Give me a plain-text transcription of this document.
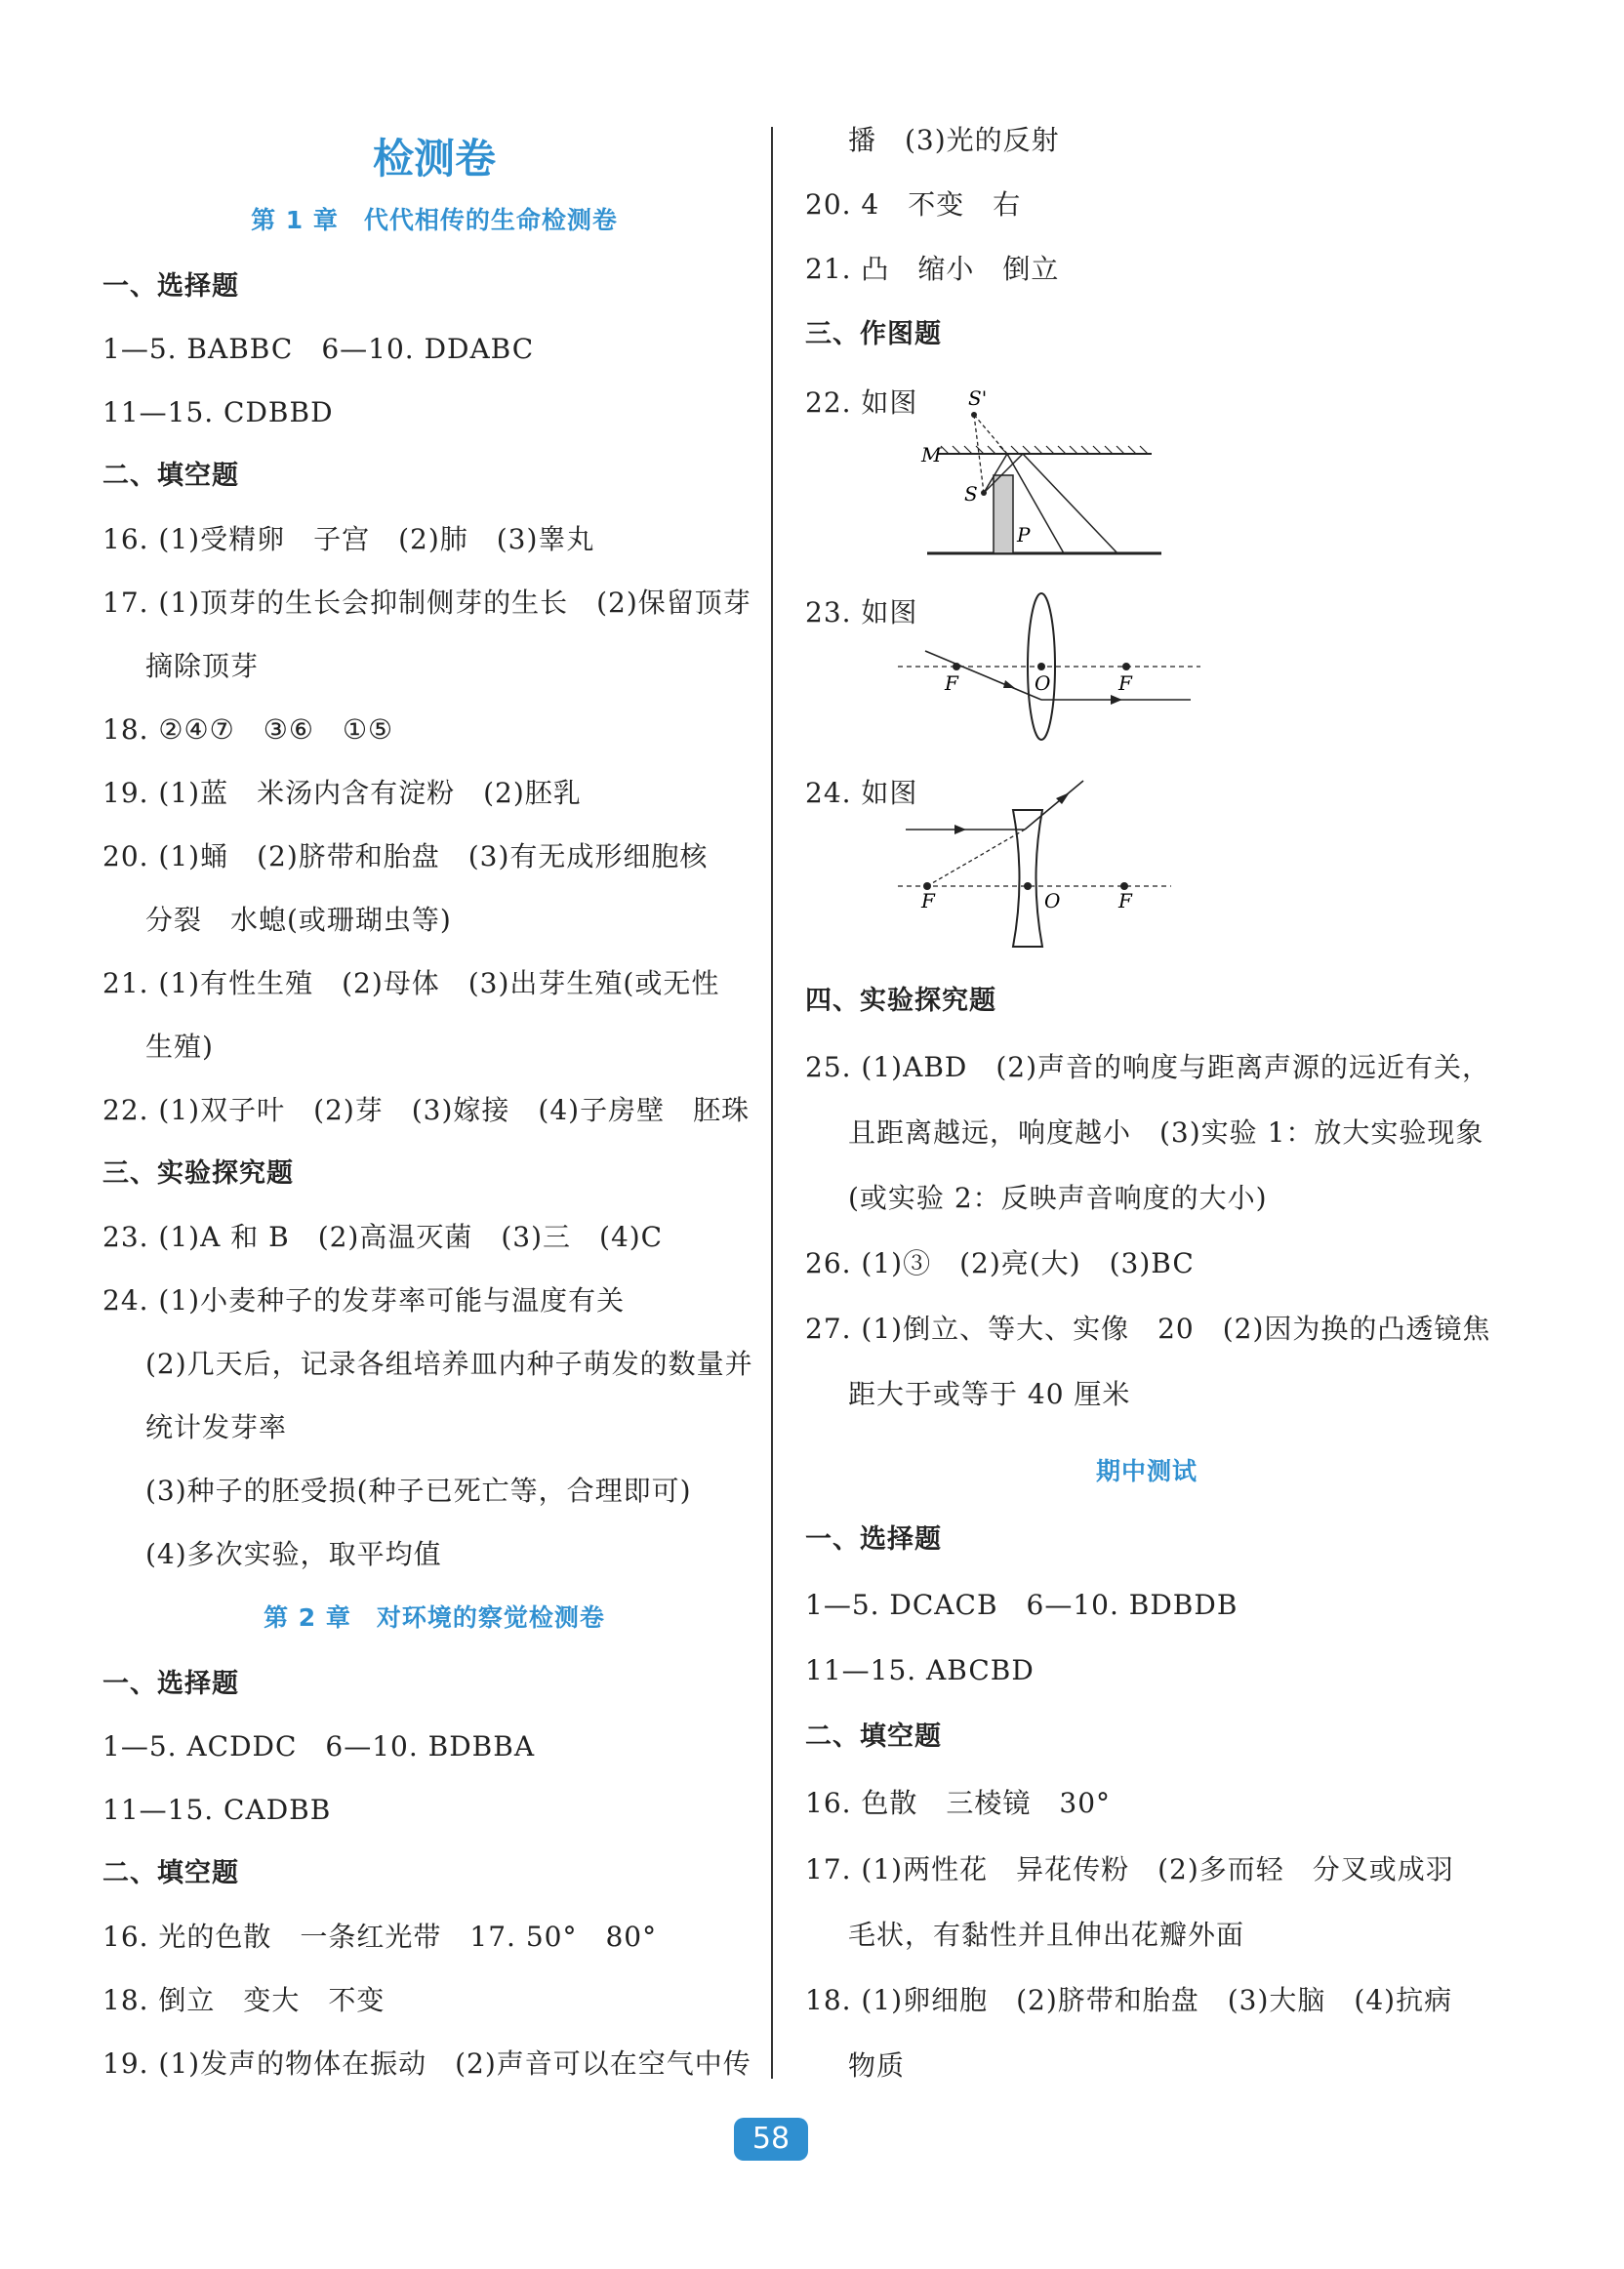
检测卷
第 1 章　代代相传的生命检测卷
一、选择题
1—5. BABBC　6—10. DDABC
11—15. CDBBD
二、填空题
16. (1)受精卵　子宫　(2)肺　(3)睾丸
17. (1)顶芽的生长会抑制侧芽的生长　(2)保留顶芽
摘除顶芽
18. ②④⑦　③⑥　①⑤
19. (1)蓝　米汤内含有淀粉　(2)胚乳
20. (1)蛹　(2)脐带和胎盘　(3)有无成形细胞核
分裂　水螅(或珊瑚虫等)
21. (1)有性生殖　(2)母体　(3)出芽生殖(或无性
生殖)
22. (1)双子叶　(2)芽　(3)嫁接　(4)子房壁　胚珠
三、实验探究题
23. (1)A 和 B　(2)高温灭菌　(3)三　(4)C
24. (1)小麦种子的发芽率可能与温度有关
(2)几天后，记录各组培养皿内种子萌发的数量并
统计发芽率
(3)种子的胚受损(种子已死亡等，合理即可)
(4)多次实验，取平均值
第 2 章　对环境的察觉检测卷
一、选择题
1—5. ACDDC　6—10. BDBBA
11—15. CADBB
二、填空题
16. 光的色散　一条红光带　17. 50°　80°
18. 倒立　变大　不变
19. (1)发声的物体在振动　(2)声音可以在空气中传
播　(3)光的反射
20. 4　不变　右
21. 凸　缩小　倒立
三、作图题
22. 如图	S'
M
S
P
23. 如图
F	O	F
24. 如图
F	O	F
四、实验探究题
25. (1)ABD　(2)声音的响度与距离声源的远近有关，
且距离越远，响度越小　(3)实验 1：放大实验现象
(或实验 2：反映声音响度的大小)
26. (1)③　(2)亮(大)　(3)BC
27. (1)倒立、等大、实像　20　(2)因为换的凸透镜焦
距大于或等于 40 厘米
期中测试
一、选择题
1—5. DCACB　6—10. BDBDB
11—15. ABCBD
二、填空题
16. 色散　三棱镜　30°
17. (1)两性花　异花传粉　(2)多而轻　分叉或成羽
毛状，有黏性并且伸出花瓣外面
18. (1)卵细胞　(2)脐带和胎盘　(3)大脑　(4)抗病
物质
58
